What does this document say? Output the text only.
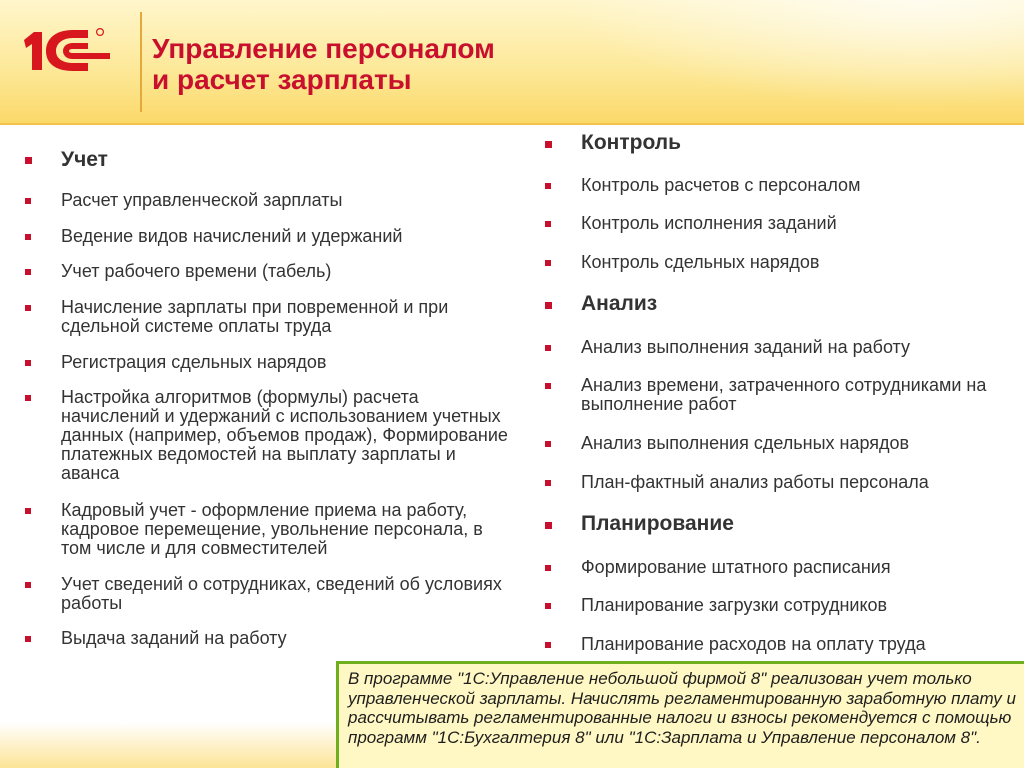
1С
Управление персоналом
и расчет зарплаты
Учет
Расчет управленческой зарплаты
Ведение видов начислений и удержаний
Учет рабочего времени (табель)
Начисление зарплаты при повременной и при сдельной системе оплаты труда
Регистрация сдельных нарядов
Настройка алгоритмов (формулы) расчета начислений и удержаний с использованием учетных данных (например, объемов продаж), Формирование платежных ведомостей на выплату зарплаты и аванса
Кадровый учет - оформление приема на работу, кадровое перемещение, увольнение персонала, в том числе и для совместителей
Учет сведений о сотрудниках, сведений об условиях работы
Выдача заданий на работу
Контроль
Контроль расчетов с персоналом
Контроль исполнения заданий
Контроль сдельных нарядов
Анализ
Анализ выполнения заданий на работу
Анализ времени, затраченного сотрудниками на выполнение работ
Анализ выполнения сдельных нарядов
План-фактный анализ работы персонала
Планирование
Формирование штатного расписания
Планирование загрузки сотрудников
Планирование расходов на оплату труда
В программе "1С:Управление небольшой фирмой 8" реализован учет только управленческой зарплаты. Начислять регламентированную заработную плату и рассчитывать регламентированные налоги и взносы рекомендуется с помощью программ "1С:Бухгалтерия 8" или "1С:Зарплата и Управление персоналом 8".
